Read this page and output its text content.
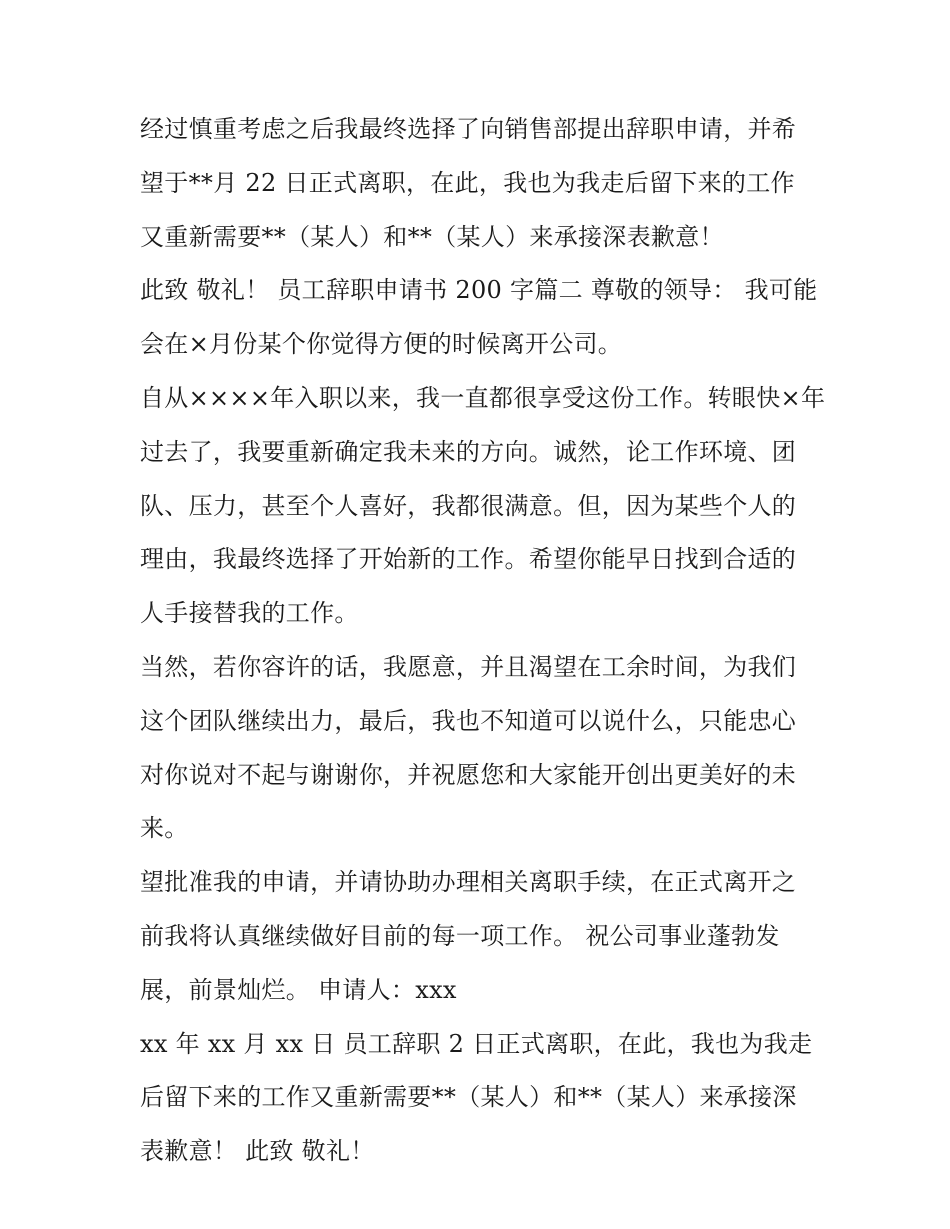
经过慎重考虑之后我最终选择了向销售部提出辞职申请，并希
望于**月 22 日正式离职，在此，我也为我走后留下来的工作
又重新需要**（某人）和**（某人）来承接深表歉意！
此致 敬礼！ 员工辞职申请书 200 字篇二 尊敬的领导： 我可能
会在×月份某个你觉得方便的时候离开公司。
自从××××年入职以来，我一直都很享受这份工作。转眼快×年
过去了，我要重新确定我未来的方向。诚然，论工作环境、团
队、压力，甚至个人喜好，我都很满意。但，因为某些个人的
理由，我最终选择了开始新的工作。希望你能早日找到合适的
人手接替我的工作。
当然，若你容许的话，我愿意，并且渴望在工余时间，为我们
这个团队继续出力，最后，我也不知道可以说什么，只能忠心
对你说对不起与谢谢你，并祝愿您和大家能开创出更美好的未
来。
望批准我的申请，并请协助办理相关离职手续，在正式离开之
前我将认真继续做好目前的每一项工作。 祝公司事业蓬勃发
展，前景灿烂。 申请人：xxx
xx 年 xx 月 xx 日 员工辞职 2 日正式离职，在此，我也为我走
后留下来的工作又重新需要**（某人）和**（某人）来承接深
表歉意！ 此致 敬礼！
